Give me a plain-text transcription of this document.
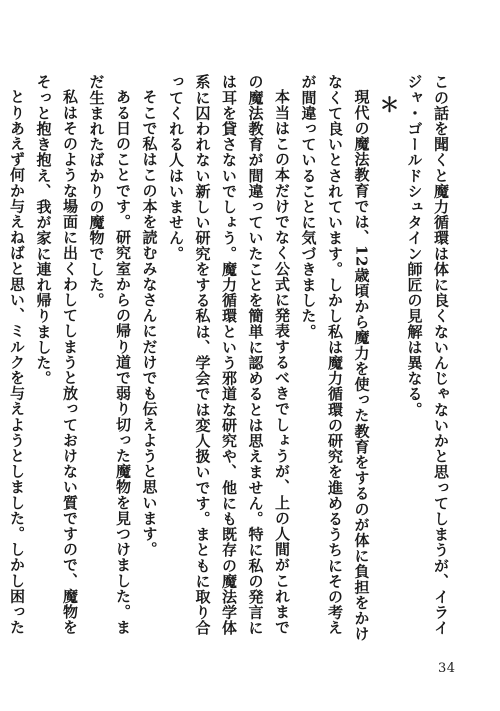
この話を聞くと魔力循環は体に良くないんじゃないかと思ってしまうが、イライジャ・ゴールドシュタイン師匠の見解は異なる。

＊

現代の魔法教育では、12歳頃から魔力を使った教育をするのが体に負担をかけなくて良いとされています。しかし私は魔力循環の研究を進めるうちにその考えが間違っていることに気づきました。

本当はこの本だけでなく公式に発表するべきでしょうが、上の人間がこれまでの魔法教育が間違っていたことを簡単に認めるとは思えません。特に私の発言には耳を貸さないでしょう。魔力循環という邪道な研究や、他にも既存の魔法学体系に囚われない新しい研究をする私は、学会では変人扱いです。まともに取り合ってくれる人はいません。

そこで私はこの本を読むみなさんにだけでも伝えようと思います。

ある日のことです。研究室からの帰り道で弱り切った魔物を見つけました。まだ生まれたばかりの魔物でした。

私はそのような場面に出くわしてしまうと放っておけない質ですので、魔物をそっと抱き抱え、我が家に連れ帰りました。

とりあえず何か与えねばと思い、ミルクを与えようとしました。しかし困った

34
